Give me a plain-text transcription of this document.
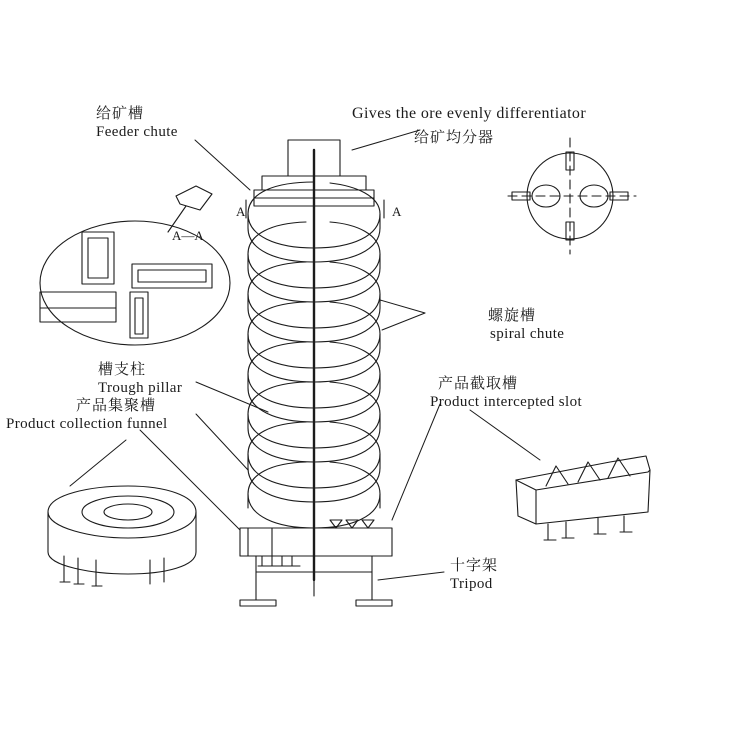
给矿槽
Feeder chute
Gives the ore evenly differentiator
给矿均分器
螺旋槽
spiral chute
槽支柱
Trough pillar
产品集聚槽
Product collection funnel
产品截取槽
Product intercepted slot
十字架
Tripod
A	A
A—A
